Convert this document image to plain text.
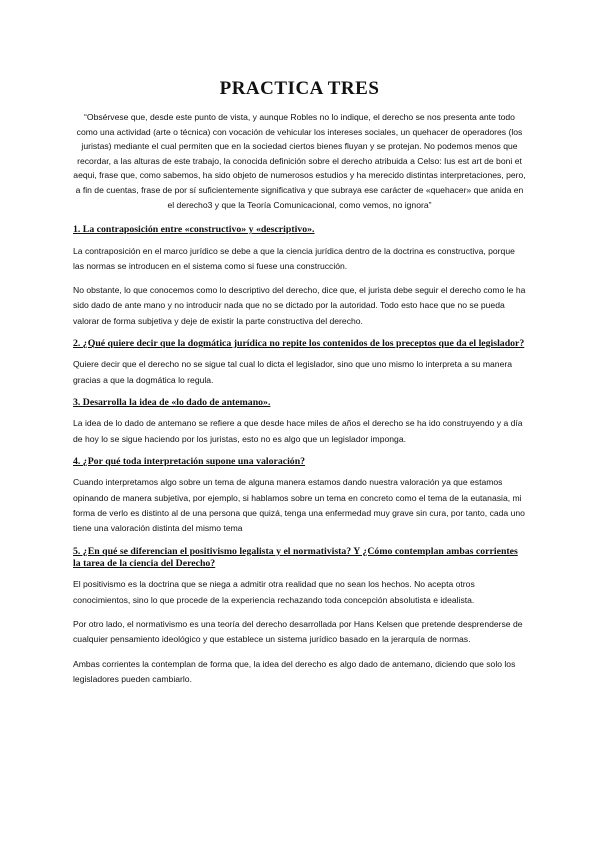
PRACTICA TRES

“Obsérvese que, desde este punto de vista, y aunque Robles no lo indique, el derecho se nos presenta ante todo como una actividad (arte o técnica) con vocación de vehicular los intereses sociales, un quehacer de operadores (los juristas) mediante el cual permiten que en la sociedad ciertos bienes fluyan y se protejan. No podemos menos que recordar, a las alturas de este trabajo, la conocida definición sobre el derecho atribuida a Celso: Ius est art de boni et aequi, frase que, como sabemos, ha sido objeto de numerosos estudios y ha merecido distintas interpretaciones, pero, a fin de cuentas, frase de por sí suficientemente significativa y que subraya ese carácter de «quehacer» que anida en el derecho3 y que la Teoría Comunicacional, como vemos, no ignora”

1. La contraposición entre «constructivo» y «descriptivo».

La contraposición en el marco jurídico se debe a que la ciencia jurídica dentro de la doctrina es constructiva, porque las normas se introducen en el sistema como si fuese una construcción.

No obstante, lo que conocemos como lo descriptivo del derecho, dice que, el jurista debe seguir el derecho como le ha sido dado de ante mano y no introducir nada que no se dictado por la autoridad. Todo esto hace que no se pueda valorar de forma subjetiva y deje de existir la parte constructiva del derecho.

2. ¿Qué quiere decir que la dogmática jurídica no repite los contenidos de los preceptos que da el legislador?

Quiere decir que el derecho no se sigue tal cual lo dicta el legislador, sino que uno mismo lo interpreta a su manera gracias a que la dogmática lo regula.

3. Desarrolla la idea de «lo dado de antemano».

La idea de lo dado de antemano se refiere a que desde hace miles de años el derecho se ha ido construyendo y a día de hoy lo se sigue haciendo por los juristas, esto no es algo que un legislador imponga.

4. ¿Por qué toda interpretación supone una valoración?

Cuando interpretamos algo sobre un tema de alguna manera estamos dando nuestra valoración ya que estamos opinando de manera subjetiva, por ejemplo, si hablamos sobre un tema en concreto como el tema de la eutanasia, mi forma de verlo es distinto al de una persona que quizá, tenga una enfermedad muy grave sin cura, por tanto, cada uno tiene una valoración distinta del mismo tema

5. ¿En qué se diferencian el positivismo legalista y el normativista? Y ¿Cómo contemplan ambas corrientes la tarea de la ciencia del Derecho?

El positivismo es la doctrina que se niega a admitir otra realidad que no sean los hechos. No acepta otros conocimientos, sino lo que procede de la experiencia rechazando toda concepción absolutista e idealista.

Por otro lado, el normativismo es una teoría del derecho desarrollada por Hans Kelsen que pretende desprenderse de cualquier pensamiento ideológico y que establece un sistema jurídico basado en la jerarquía de normas.

Ambas corrientes la contemplan de forma que, la idea del derecho es algo dado de antemano, diciendo que solo los legisladores pueden cambiarlo.
